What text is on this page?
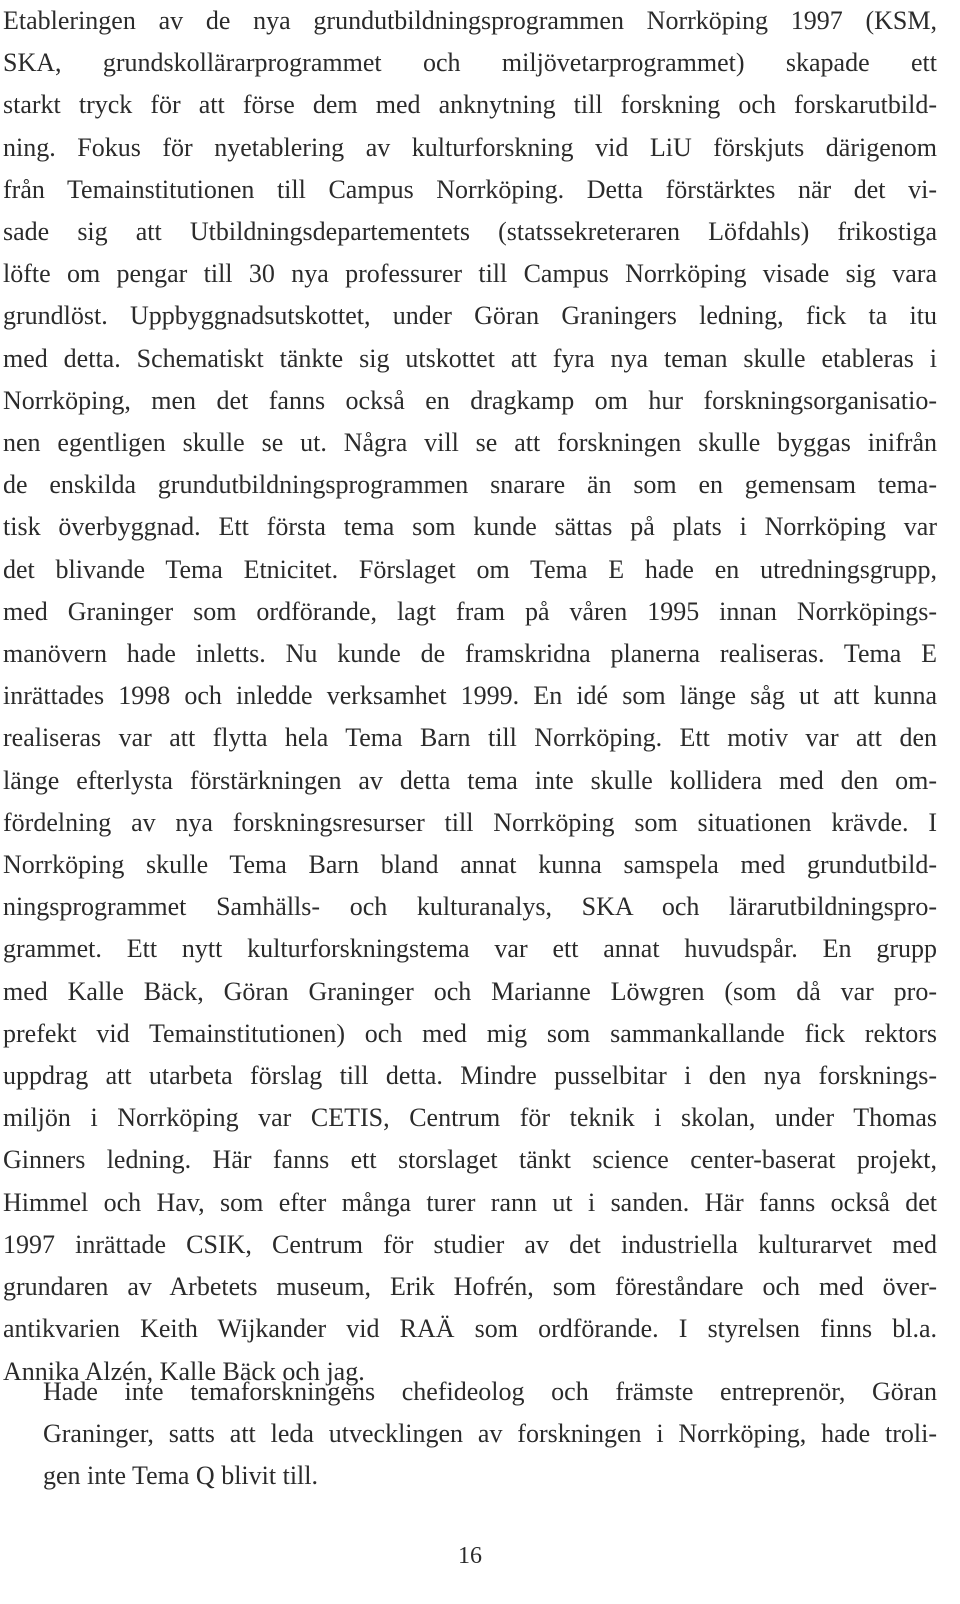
Etableringen av de nya grundutbildningsprogrammen Norrköping 1997 (KSM,
SKA, grundskollärarprogrammet och miljövetarprogrammet) skapade ett
starkt tryck för att förse dem med anknytning till forskning och forskarutbild-
ning. Fokus för nyetablering av kulturforskning vid LiU förskjuts därigenom
från Temainstitutionen till Campus Norrköping. Detta förstärktes när det vi-
sade sig att Utbildningsdepartementets (statssekreteraren Löfdahls) frikostiga
löfte om pengar till 30 nya professurer till Campus Norrköping visade sig vara
grundlöst. Uppbyggnadsutskottet, under Göran Graningers ledning, fick ta itu
med detta. Schematiskt tänkte sig utskottet att fyra nya teman skulle etableras i
Norrköping, men det fanns också en dragkamp om hur forskningsorganisatio-
nen egentligen skulle se ut. Några vill se att forskningen skulle byggas inifrån
de enskilda grundutbildningsprogrammen snarare än som en gemensam tema-
tisk överbyggnad. Ett första tema som kunde sättas på plats i Norrköping var
det blivande Tema Etnicitet. Förslaget om Tema E hade en utredningsgrupp,
med Graninger som ordförande, lagt fram på våren 1995 innan Norrköpings-
manövern hade inletts. Nu kunde de framskridna planerna realiseras. Tema E
inrättades 1998 och inledde verksamhet 1999. En idé som länge såg ut att kunna
realiseras var att flytta hela Tema Barn till Norrköping. Ett motiv var att den
länge efterlysta förstärkningen av detta tema inte skulle kollidera med den om-
fördelning av nya forskningsresurser till Norrköping som situationen krävde. I
Norrköping skulle Tema Barn bland annat kunna samspela med grundutbild-
ningsprogrammet Samhälls- och kulturanalys, SKA och lärarutbildningspro-
grammet. Ett nytt kulturforskningstema var ett annat huvudspår. En grupp
med Kalle Bäck, Göran Graninger och Marianne Löwgren (som då var pro-
prefekt vid Temainstitutionen) och med mig som sammankallande fick rektors
uppdrag att utarbeta förslag till detta. Mindre pusselbitar i den nya forsknings-
miljön i Norrköping var CETIS, Centrum för teknik i skolan, under Thomas
Ginners ledning. Här fanns ett storslaget tänkt science center-baserat projekt,
Himmel och Hav, som efter många turer rann ut i sanden. Här fanns också det
1997 inrättade CSIK, Centrum för studier av det industriella kulturarvet med
grundaren av Arbetets museum, Erik Hofrén, som föreståndare och med över-
antikvarien Keith Wijkander vid RAÄ som ordförande. I styrelsen finns bl.a.
Annika Alzén, Kalle Bäck och jag.
Hade inte temaforskningens chefideolog och främste entreprenör, Göran
Graninger, satts att leda utvecklingen av forskningen i Norrköping, hade troli-
gen inte Tema Q blivit till.
16
